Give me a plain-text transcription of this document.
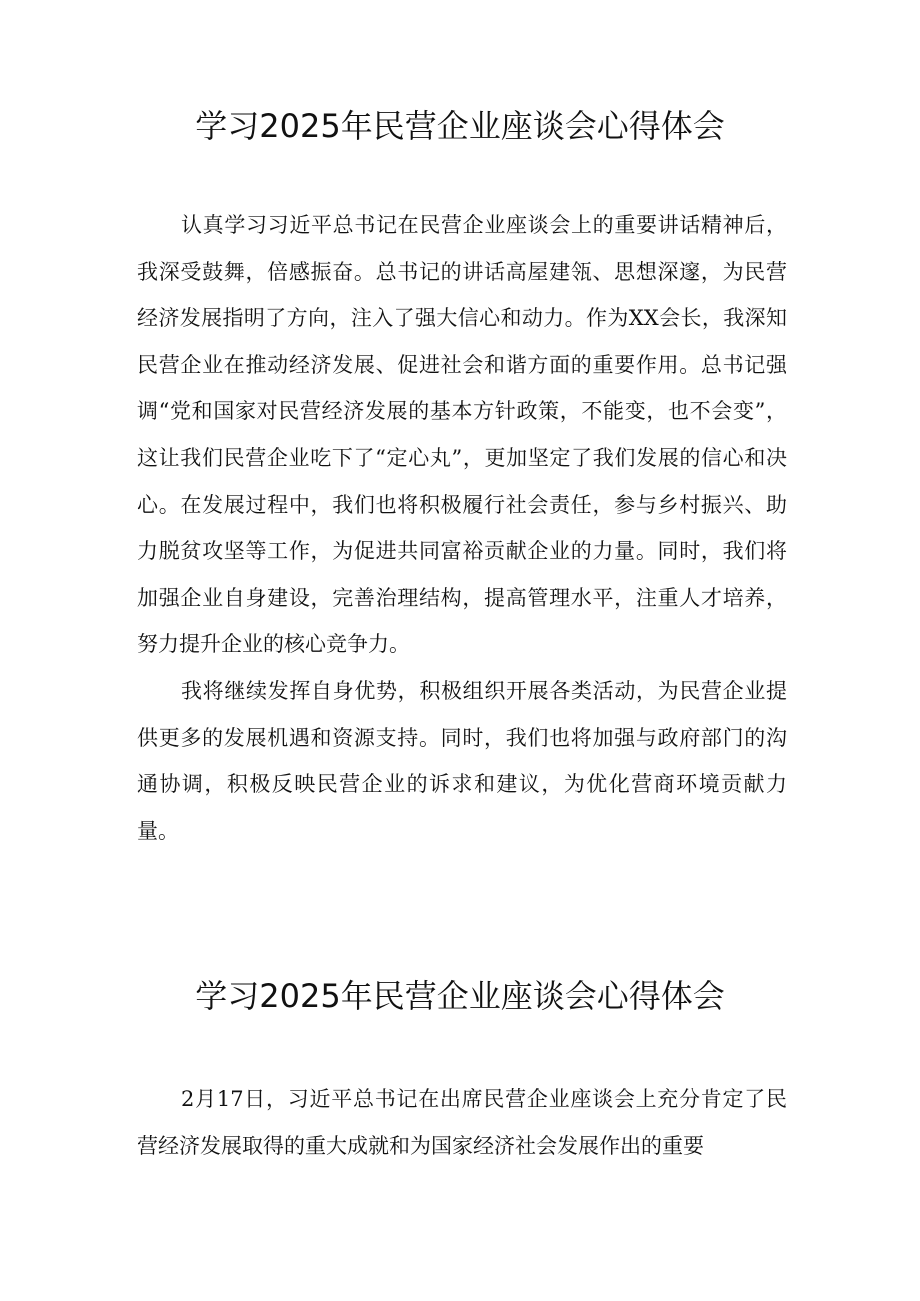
学习2025年民营企业座谈会心得体会

认真学习习近平总书记在民营企业座谈会上的重要讲话精神后，我深受鼓舞，倍感振奋。总书记的讲话高屋建瓴、思想深邃，为民营经济发展指明了方向，注入了强大信心和动力。作为XX会长，我深知民营企业在推动经济发展、促进社会和谐方面的重要作用。总书记强调“党和国家对民营经济发展的基本方针政策，不能变，也不会变”，这让我们民营企业吃下了“定心丸”，更加坚定了我们发展的信心和决心。在发展过程中，我们也将积极履行社会责任，参与乡村振兴、助力脱贫攻坚等工作，为促进共同富裕贡献企业的力量。同时，我们将加强企业自身建设，完善治理结构，提高管理水平，注重人才培养，努力提升企业的核心竞争力。

我将继续发挥自身优势，积极组织开展各类活动，为民营企业提供更多的发展机遇和资源支持。同时，我们也将加强与政府部门的沟通协调，积极反映民营企业的诉求和建议，为优化营商环境贡献力量。

学习2025年民营企业座谈会心得体会

2月17日，习近平总书记在出席民营企业座谈会上充分肯定了民营经济发展取得的重大成就和为国家经济社会发展作出的重要
